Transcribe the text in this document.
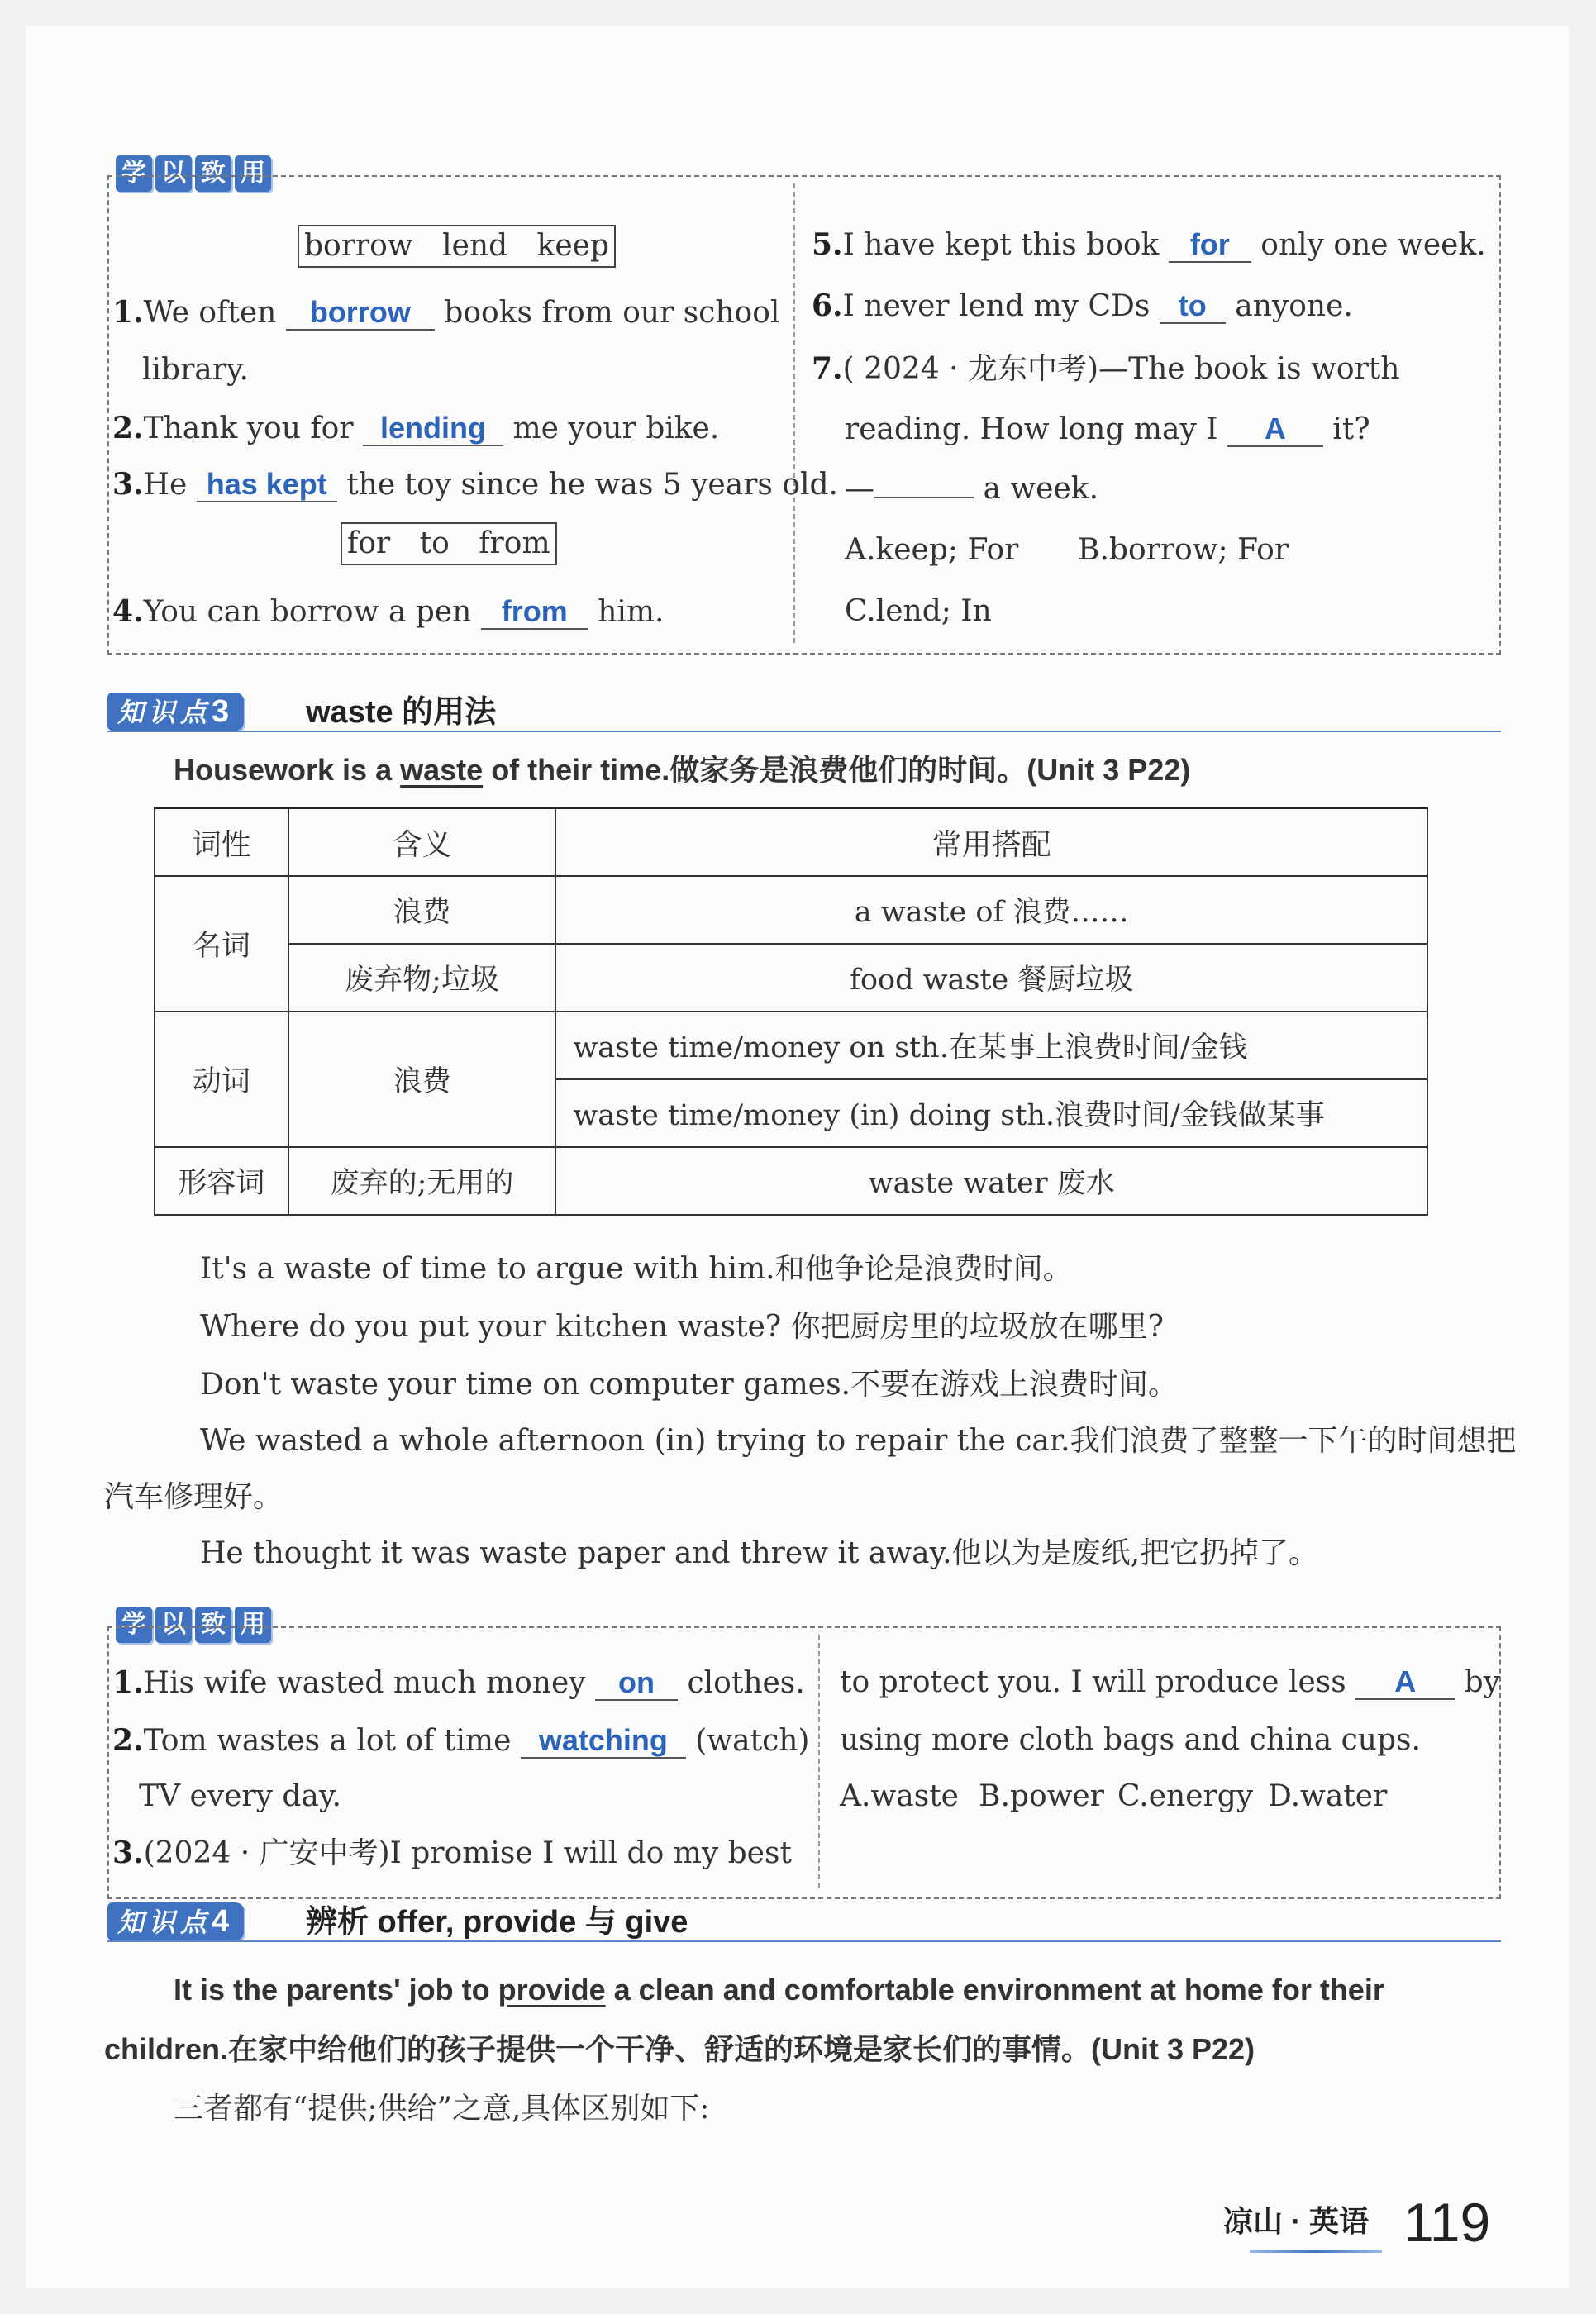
学 以 致 用
borrow lend keep
1.We often borrow books from our school
library.
2.Thank you for lending me your bike.
3.He has kept the toy since he was 5 years old.
for to from
4.You can borrow a pen from him.
5.I have kept this book for only one week.
6.I never lend my CDs to anyone.
7.( 2024 · 龙东中考)—The book is worth
reading. How long may I A it?
—	a week.
A.keep; For B.borrow; For
C.lend; In
知识点3	waste 的用法
Housework is a waste of their time.做家务是浪费他们的时间。(Unit 3 P22)
词性	含义	常用搭配
名词	浪费	a waste of 浪费……
	废弃物;垃圾	food waste 餐厨垃圾
动词	浪费	waste time/money on sth.在某事上浪费时间/金钱
		waste time/money (in) doing sth.浪费时间/金钱做某事
形容词	废弃的;无用的	waste water 废水
It's a waste of time to argue with him.和他争论是浪费时间。
Where do you put your kitchen waste? 你把厨房里的垃圾放在哪里?
Don't waste your time on computer games.不要在游戏上浪费时间。
We wasted a whole afternoon (in) trying to repair the car.我们浪费了整整一下午的时间想把
汽车修理好。
He thought it was waste paper and threw it away.他以为是废纸,把它扔掉了。
学 以 致 用
1.His wife wasted much money on clothes.
2.Tom wastes a lot of time watching (watch)
TV every day.
3.(2024 · 广安中考)I promise I will do my best
to protect you. I will produce less A by
using more cloth bags and china cups.
A.waste B.power C.energy D.water
知识点4	辨析 offer, provide 与 give
It is the parents' job to provide a clean and comfortable environment at home for their
children.在家中给他们的孩子提供一个干净、舒适的环境是家长们的事情。(Unit 3 P22)
三者都有“提供;供给”之意,具体区别如下:
凉山 · 英语 119
